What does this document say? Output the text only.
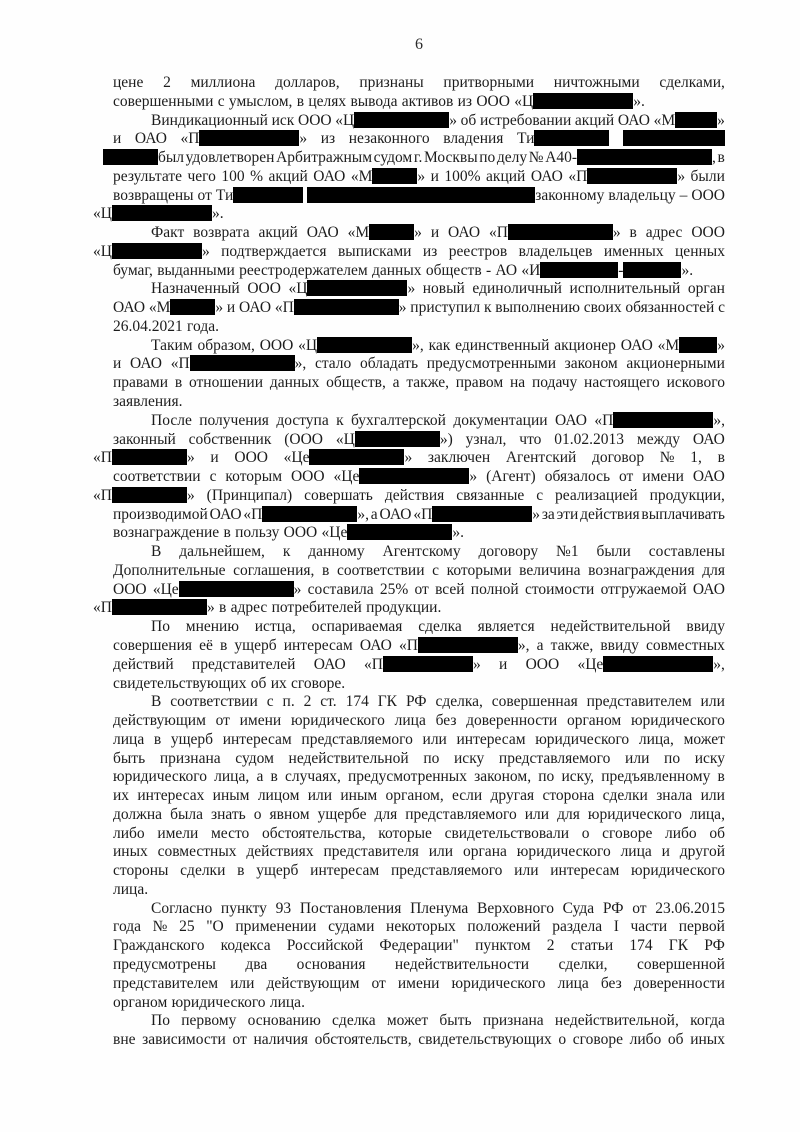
6
цене 2 миллиона долларов, признаны притворными ничтожными сделками,
совершенными с умыслом, в целях вывода активов из ООО «Ц	».
Виндикационный иск ООО «Ц	» об истребовании акций ОАО «М	»
и ОАО «П	» из незаконного владения Ти
был удовлетворен Арбитражным судом г. Москвы по делу № А40-	, в
результате чего 100 % акций ОАО «М	» и 100% акций ОАО «П	» были
возвращены от Ти	законному владельцу – ООО
«Ц	».
Факт возврата акций ОАО «М	» и ОАО «П	» в адрес ООО
«Ц	» подтверждается выписками из реестров владельцев именных ценных
бумаг, выданными реестродержателем данных обществ - АО «И	-	».
Назначенный ООО «Ц	» новый единоличный исполнительный орган
ОАО «М	» и ОАО «П	» приступил к выполнению своих обязанностей с
26.04.2021 года.
Таким образом, ООО «Ц	», как единственный акционер ОАО «М »
и ОАО «П	», стало обладать предусмотренными законом акционерными
правами в отношении данных обществ, а также, правом на подачу настоящего искового
заявления.
После получения доступа к бухгалтерской документации ОАО «П	»,
законный собственник (ООО «Ц	») узнал, что 01.02.2013 между ОАО
«П	» и ООО «Це	» заключен Агентский договор № 1, в
соответствии с которым ООО «Це	» (Агент) обязалось от имени ОАО
«П	» (Принципал) совершать действия связанные с реализацией продукции,
производимой ОАО «П	», а ОАО «П	» за эти действия выплачивать
вознаграждение в пользу ООО «Це	».
В дальнейшем, к данному Агентскому договору №1 были составлены
Дополнительные соглашения, в соответствии с которыми величина вознаграждения для
ООО «Це	» составила 25% от всей полной стоимости отгружаемой ОАО
«П	» в адрес потребителей продукции.
По мнению истца, оспариваемая сделка является недействительной ввиду
совершения её в ущерб интересам ОАО «П	», а также, ввиду совместных
действий представителей ОАО «П	» и ООО «Це	»,
свидетельствующих об их сговоре.
В соответствии с п. 2 ст. 174 ГК РФ сделка, совершенная представителем или
действующим от имени юридического лица без доверенности органом юридического
лица в ущерб интересам представляемого или интересам юридического лица, может
быть признана судом недействительной по иску представляемого или по иску
юридического лица, а в случаях, предусмотренных законом, по иску, предъявленному в
их интересах иным лицом или иным органом, если другая сторона сделки знала или
должна была знать о явном ущербе для представляемого или для юридического лица,
либо имели место обстоятельства, которые свидетельствовали о сговоре либо об
иных совместных действиях представителя или органа юридического лица и другой
стороны сделки в ущерб интересам представляемого или интересам юридического
лица.
Согласно пункту 93 Постановления Пленума Верховного Суда РФ от 23.06.2015
года № 25 "О применении судами некоторых положений раздела I части первой
Гражданского кодекса Российской Федерации" пунктом 2 статьи 174 ГК РФ
предусмотрены два основания недействительности сделки, совершенной
представителем или действующим от имени юридического лица без доверенности
органом юридического лица.
По первому основанию сделка может быть признана недействительной, когда
вне зависимости от наличия обстоятельств, свидетельствующих о сговоре либо об иных
